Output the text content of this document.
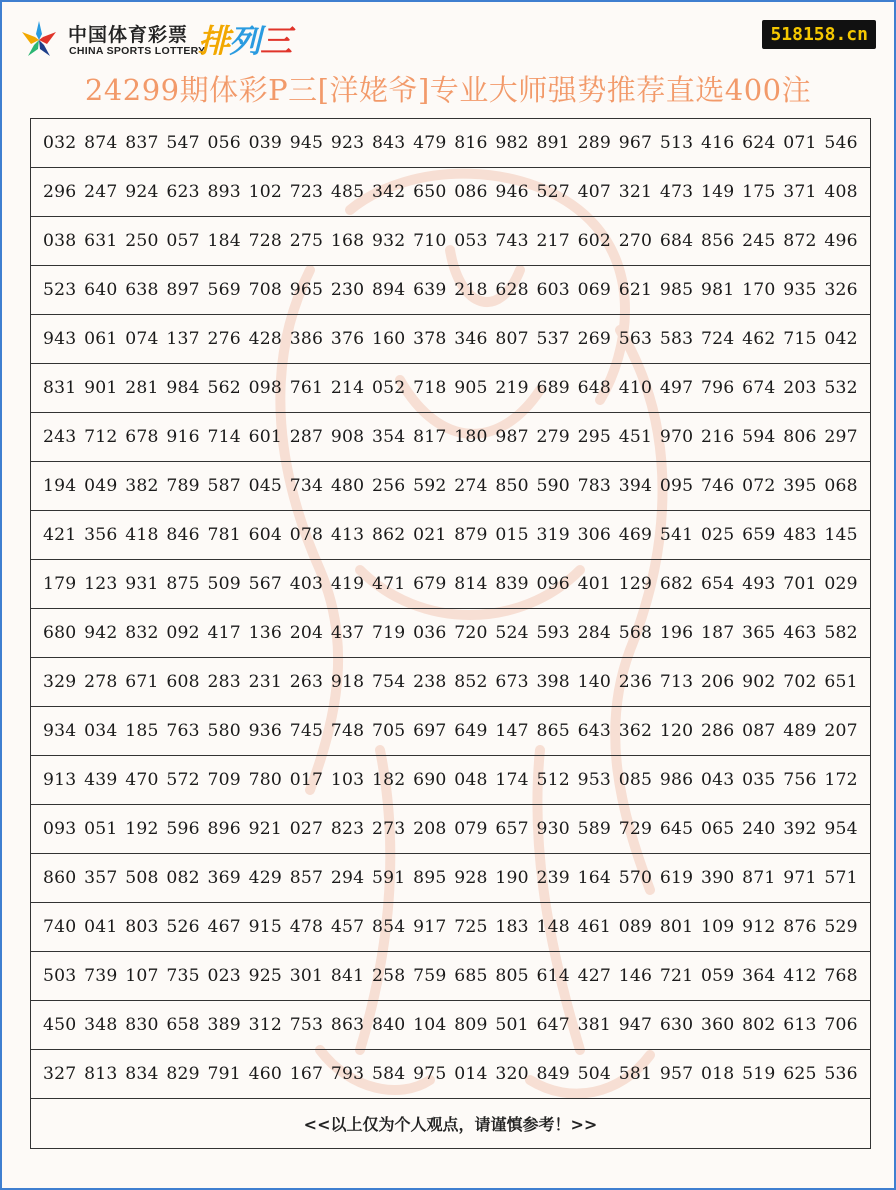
中国体育彩票
CHINA SPORTS LOTTERY
排列三	518158.cn
24299期体彩P三[洋姥爷]专业大师强势推荐直选400注
032 874 837 547 056 039 945 923 843 479 816 982 891 289 967 513 416 624 071 546
296 247 924 623 893 102 723 485 342 650 086 946 527 407 321 473 149 175 371 408
038 631 250 057 184 728 275 168 932 710 053 743 217 602 270 684 856 245 872 496
523 640 638 897 569 708 965 230 894 639 218 628 603 069 621 985 981 170 935 326
943 061 074 137 276 428 386 376 160 378 346 807 537 269 563 583 724 462 715 042
831 901 281 984 562 098 761 214 052 718 905 219 689 648 410 497 796 674 203 532
243 712 678 916 714 601 287 908 354 817 180 987 279 295 451 970 216 594 806 297
194 049 382 789 587 045 734 480 256 592 274 850 590 783 394 095 746 072 395 068
421 356 418 846 781 604 078 413 862 021 879 015 319 306 469 541 025 659 483 145
179 123 931 875 509 567 403 419 471 679 814 839 096 401 129 682 654 493 701 029
680 942 832 092 417 136 204 437 719 036 720 524 593 284 568 196 187 365 463 582
329 278 671 608 283 231 263 918 754 238 852 673 398 140 236 713 206 902 702 651
934 034 185 763 580 936 745 748 705 697 649 147 865 643 362 120 286 087 489 207
913 439 470 572 709 780 017 103 182 690 048 174 512 953 085 986 043 035 756 172
093 051 192 596 896 921 027 823 273 208 079 657 930 589 729 645 065 240 392 954
860 357 508 082 369 429 857 294 591 895 928 190 239 164 570 619 390 871 971 571
740 041 803 526 467 915 478 457 854 917 725 183 148 461 089 801 109 912 876 529
503 739 107 735 023 925 301 841 258 759 685 805 614 427 146 721 059 364 412 768
450 348 830 658 389 312 753 863 840 104 809 501 647 381 947 630 360 802 613 706
327 813 834 829 791 460 167 793 584 975 014 320 849 504 581 957 018 519 625 536
<<以上仅为个人观点，请谨慎参考！>>
